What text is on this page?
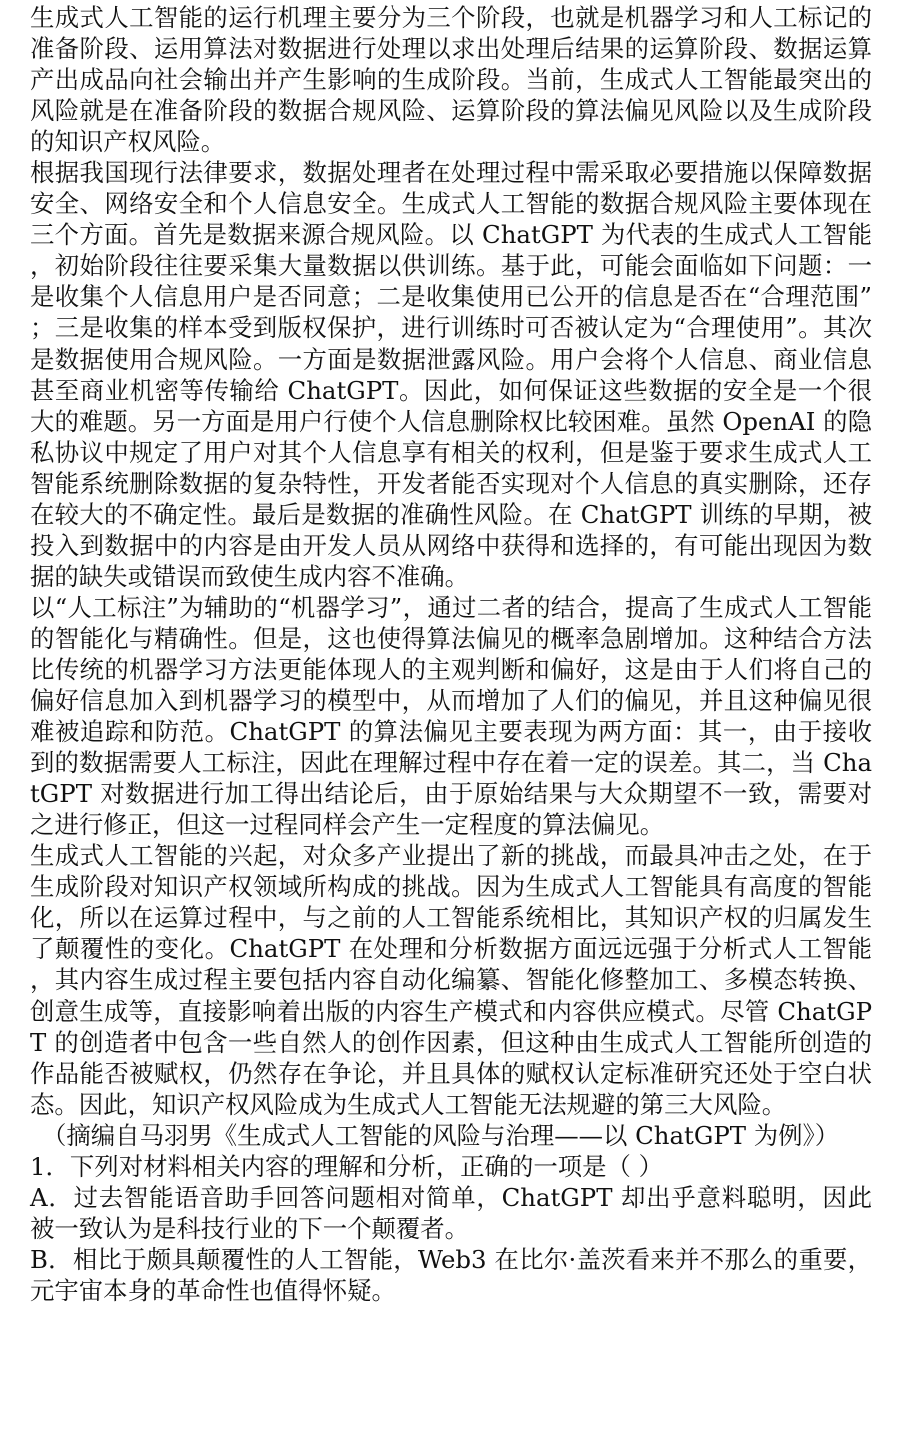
生成式人工智能的运行机理主要分为三个阶段，也就是机器学习和人工标记的准备阶段、运用算法对数据进行处理以求出处理后结果的运算阶段、数据运算产出成品向社会输出并产生影响的生成阶段。当前，生成式人工智能最突出的风险就是在准备阶段的数据合规风险、运算阶段的算法偏见风险以及生成阶段的知识产权风险。

根据我国现行法律要求，数据处理者在处理过程中需采取必要措施以保障数据安全、网络安全和个人信息安全。生成式人工智能的数据合规风险主要体现在三个方面。首先是数据来源合规风险。以 ChatGPT 为代表的生成式人工智能，初始阶段往往要采集大量数据以供训练。基于此，可能会面临如下问题：一是收集个人信息用户是否同意；二是收集使用已公开的信息是否在“合理范围”；三是收集的样本受到版权保护，进行训练时可否被认定为“合理使用”。其次是数据使用合规风险。一方面是数据泄露风险。用户会将个人信息、商业信息甚至商业机密等传输给 ChatGPT。因此，如何保证这些数据的安全是一个很大的难题。另一方面是用户行使个人信息删除权比较困难。虽然 OpenAI 的隐私协议中规定了用户对其个人信息享有相关的权利，但是鉴于要求生成式人工智能系统删除数据的复杂特性，开发者能否实现对个人信息的真实删除，还存在较大的不确定性。最后是数据的准确性风险。在 ChatGPT 训练的早期，被投入到数据中的内容是由开发人员从网络中获得和选择的，有可能出现因为数据的缺失或错误而致使生成内容不准确。

以“人工标注”为辅助的“机器学习”，通过二者的结合，提高了生成式人工智能的智能化与精确性。但是，这也使得算法偏见的概率急剧增加。这种结合方法比传统的机器学习方法更能体现人的主观判断和偏好，这是由于人们将自己的偏好信息加入到机器学习的模型中，从而增加了人们的偏见，并且这种偏见很难被追踪和防范。ChatGPT 的算法偏见主要表现为两方面：其一，由于接收到的数据需要人工标注，因此在理解过程中存在着一定的误差。其二，当 ChatGPT 对数据进行加工得出结论后，由于原始结果与大众期望不一致，需要对之进行修正，但这一过程同样会产生一定程度的算法偏见。

生成式人工智能的兴起，对众多产业提出了新的挑战，而最具冲击之处，在于生成阶段对知识产权领域所构成的挑战。因为生成式人工智能具有高度的智能化，所以在运算过程中，与之前的人工智能系统相比，其知识产权的归属发生了颠覆性的变化。ChatGPT 在处理和分析数据方面远远强于分析式人工智能，其内容生成过程主要包括内容自动化编纂、智能化修整加工、多模态转换、创意生成等，直接影响着出版的内容生产模式和内容供应模式。尽管 ChatGPT 的创造者中包含一些自然人的创作因素，但这种由生成式人工智能所创造的作品能否被赋权，仍然存在争论，并且具体的赋权认定标准研究还处于空白状态。因此，知识产权风险成为生成式人工智能无法规避的第三大风险。

（摘编自马羽男《生成式人工智能的风险与治理——以 ChatGPT 为例》）

1．下列对材料相关内容的理解和分析，正确的一项是（ ）

A．过去智能语音助手回答问题相对简单，ChatGPT 却出乎意料聪明，因此被一致认为是科技行业的下一个颠覆者。

B．相比于颇具颠覆性的人工智能，Web3 在比尔·盖茨看来并不那么的重要，元宇宙本身的革命性也值得怀疑。
